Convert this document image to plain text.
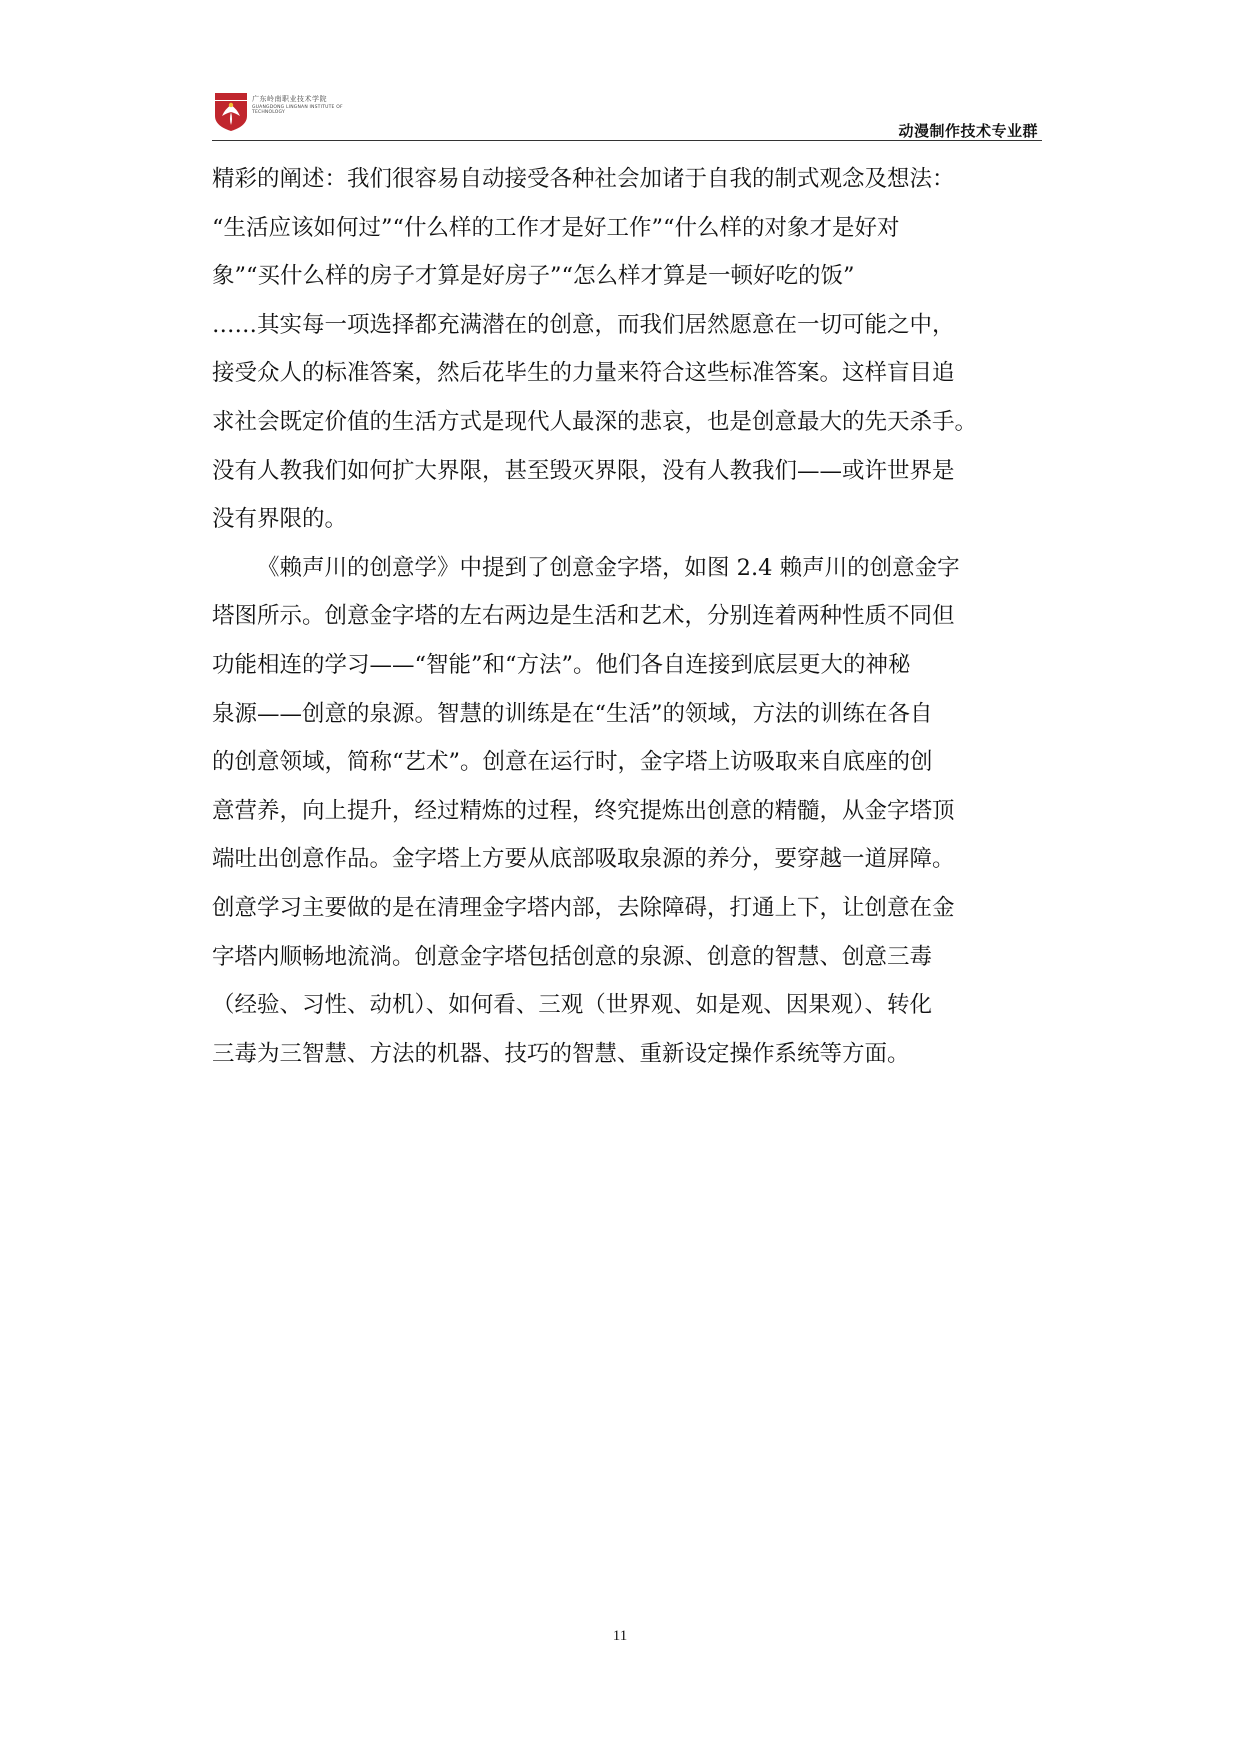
广东岭南职业技术学院
GUANGDONG LINGNAN INSTITUTE OF TECHNOLOGY
动漫制作技术专业群

精彩的阐述：我们很容易自动接受各种社会加诸于自我的制式观念及想法：

“生活应该如何过”“什么样的工作才是好工作”“什么样的对象才是好对

象”“买什么样的房子才算是好房子”“怎么样才算是一顿好吃的饭”

……其实每一项选择都充满潜在的创意，而我们居然愿意在一切可能之中，

接受众人的标准答案，然后花毕生的力量来符合这些标准答案。这样盲目追

求社会既定价值的生活方式是现代人最深的悲哀，也是创意最大的先天杀手。

没有人教我们如何扩大界限，甚至毁灭界限，没有人教我们——或许世界是

没有界限的。

《赖声川的创意学》中提到了创意金字塔，如图 2.4 赖声川的创意金字

塔图所示。创意金字塔的左右两边是生活和艺术，分别连着两种性质不同但

功能相连的学习——“智能”和“方法”。他们各自连接到底层更大的神秘

泉源——创意的泉源。智慧的训练是在“生活”的领域，方法的训练在各自

的创意领域，简称“艺术”。创意在运行时，金字塔上访吸取来自底座的创

意营养，向上提升，经过精炼的过程，终究提炼出创意的精髓，从金字塔顶

端吐出创意作品。金字塔上方要从底部吸取泉源的养分，要穿越一道屏障。

创意学习主要做的是在清理金字塔内部，去除障碍，打通上下，让创意在金

字塔内顺畅地流淌。创意金字塔包括创意的泉源、创意的智慧、创意三毒

（经验、习性、动机）、如何看、三观（世界观、如是观、因果观）、转化

三毒为三智慧、方法的机器、技巧的智慧、重新设定操作系统等方面。

11
